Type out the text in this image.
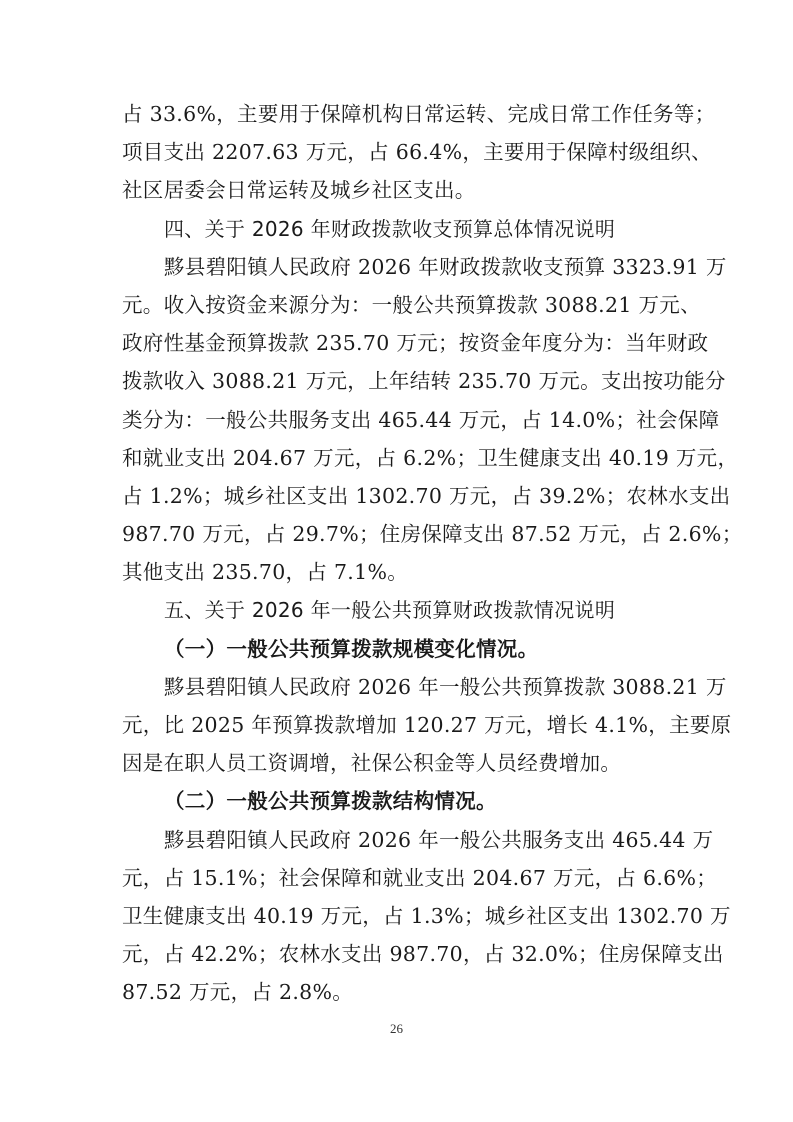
占 33.6%，主要用于保障机构日常运转、完成日常工作任务等；
项目支出 2207.63 万元，占 66.4%，主要用于保障村级组织、
社区居委会日常运转及城乡社区支出。
四、关于 2026 年财政拨款收支预算总体情况说明
黟县碧阳镇人民政府 2026 年财政拨款收支预算 3323.91 万
元。收入按资金来源分为：一般公共预算拨款 3088.21 万元、
政府性基金预算拨款 235.70 万元；按资金年度分为：当年财政
拨款收入 3088.21 万元，上年结转 235.70 万元。支出按功能分
类分为：一般公共服务支出 465.44 万元，占 14.0%；社会保障
和就业支出 204.67 万元，占 6.2%；卫生健康支出 40.19 万元，
占 1.2%；城乡社区支出 1302.70 万元，占 39.2%；农林水支出
987.70 万元，占 29.7%；住房保障支出 87.52 万元，占 2.6%；
其他支出 235.70，占 7.1%。
五、关于 2026 年一般公共预算财政拨款情况说明
（一）一般公共预算拨款规模变化情况。
黟县碧阳镇人民政府 2026 年一般公共预算拨款 3088.21 万
元，比 2025 年预算拨款增加 120.27 万元，增长 4.1%，主要原
因是在职人员工资调增，社保公积金等人员经费增加。
（二）一般公共预算拨款结构情况。
黟县碧阳镇人民政府 2026 年一般公共服务支出 465.44 万
元，占 15.1%；社会保障和就业支出 204.67 万元，占 6.6%；
卫生健康支出 40.19 万元，占 1.3%；城乡社区支出 1302.70 万
元，占 42.2%；农林水支出 987.70，占 32.0%；住房保障支出
87.52 万元，占 2.8%。
26
